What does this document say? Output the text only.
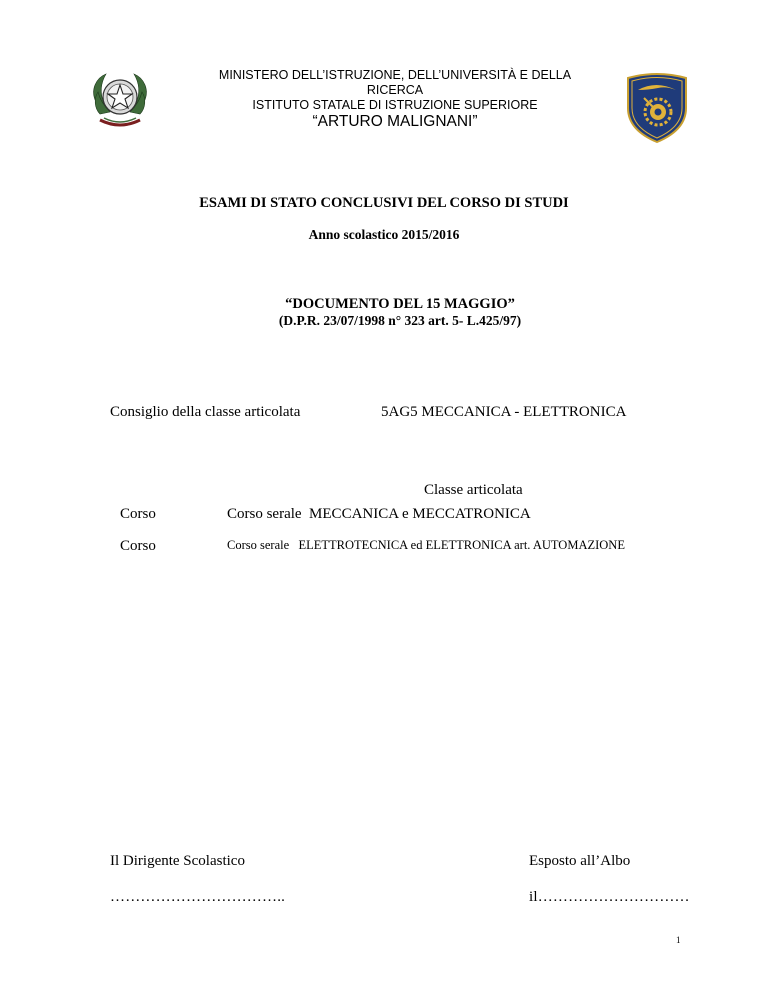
MINISTERO DELL’ISTRUZIONE, DELL’UNIVERSITÀ E DELLA
RICERCA
ISTITUTO STATALE DI ISTRUZIONE SUPERIORE
“ARTURO MALIGNANI”
ESAMI DI STATO CONCLUSIVI DEL CORSO DI STUDI
Anno scolastico 2015/2016
“DOCUMENTO DEL 15 MAGGIO”
(D.P.R. 23/07/1998 n° 323 art. 5- L.425/97)
Consiglio della classe articolata	5AG5 MECCANICA - ELETTRONICA
Classe articolata
Corso	Corso serale  MECCANICA e MECCATRONICA
Corso	Corso serale   ELETTROTECNICA ed ELETTRONICA art. AUTOMAZIONE
Il Dirigente Scolastico
……………………………..
Esposto all’Albo
il…………………………
1
